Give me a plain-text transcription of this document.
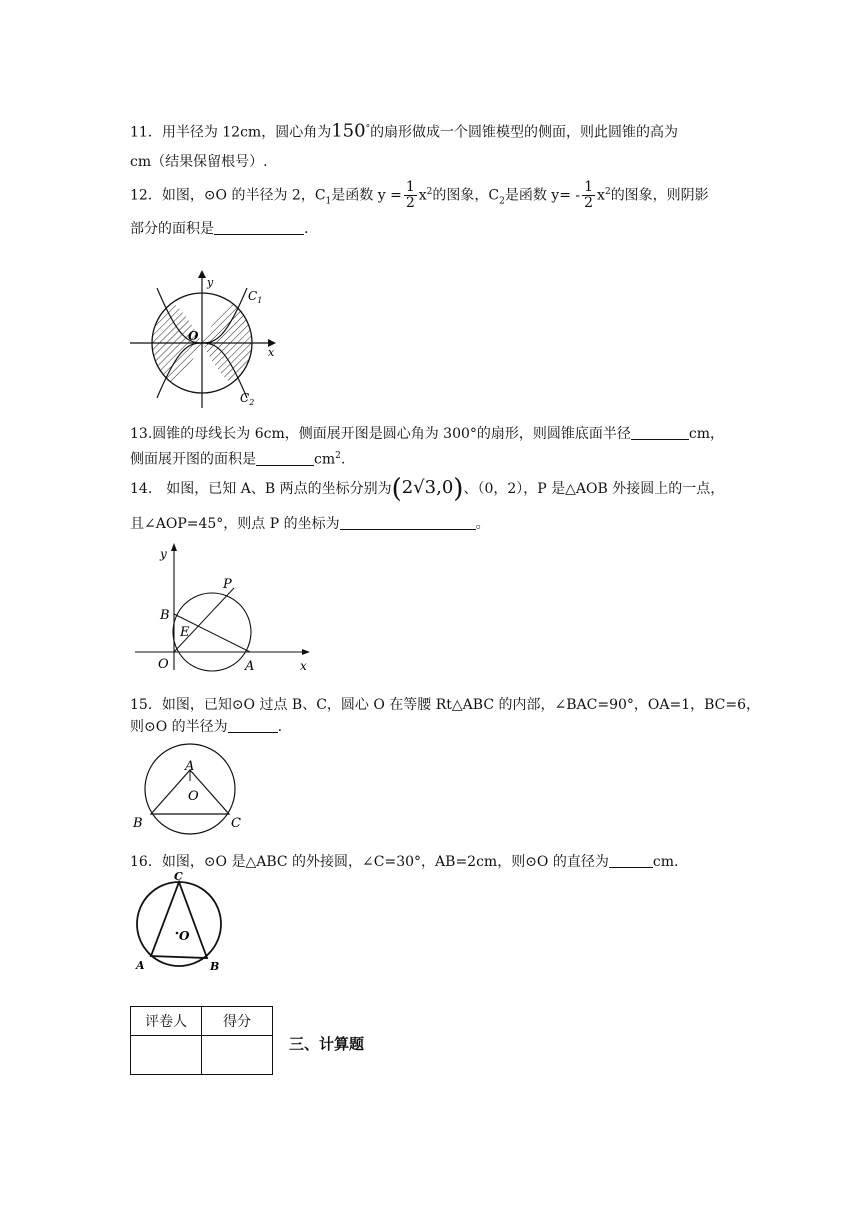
11．用半径为 12cm，圆心角为150°的扇形做成一个圆锥模型的侧面，则此圆锥的高为
cm（结果保留根号）.
12．如图，⊙O 的半径为 2，$C_1$是函数 $y = \frac{1}{2} x^2$的图象，$C_2$是函数 $y= - \frac{1}{2} x^2$的图象，则阴影
部分的面积是	.
y
x
O
$C_1$
$C_2$
13.圆锥的母线长为 6cm，侧面展开图是圆心角为 300°的扇形，则圆锥底面半径	cm，
侧面展开图的面积是	$cm^2$.
14.　如图，已知 A、B 两点的坐标分别为(2√3,0)、（0，2），P 是△AOB 外接圆上的一点，
且∠AOP=45°，则点 P 的坐标为	。
y
x
O	A
B
E
P
15．如图，已知⊙O 过点 B、C，圆心 O 在等腰 Rt△ABC 的内部，∠BAC=90°，OA=1，BC=6，
则⊙O 的半径为	.
A
O
B	C
16．如图，⊙O 是△ABC 的外接圆，∠C=30°，AB=2cm，则⊙O 的直径为	cm.
C
O
A	B
评卷人	得分

三、计算题
